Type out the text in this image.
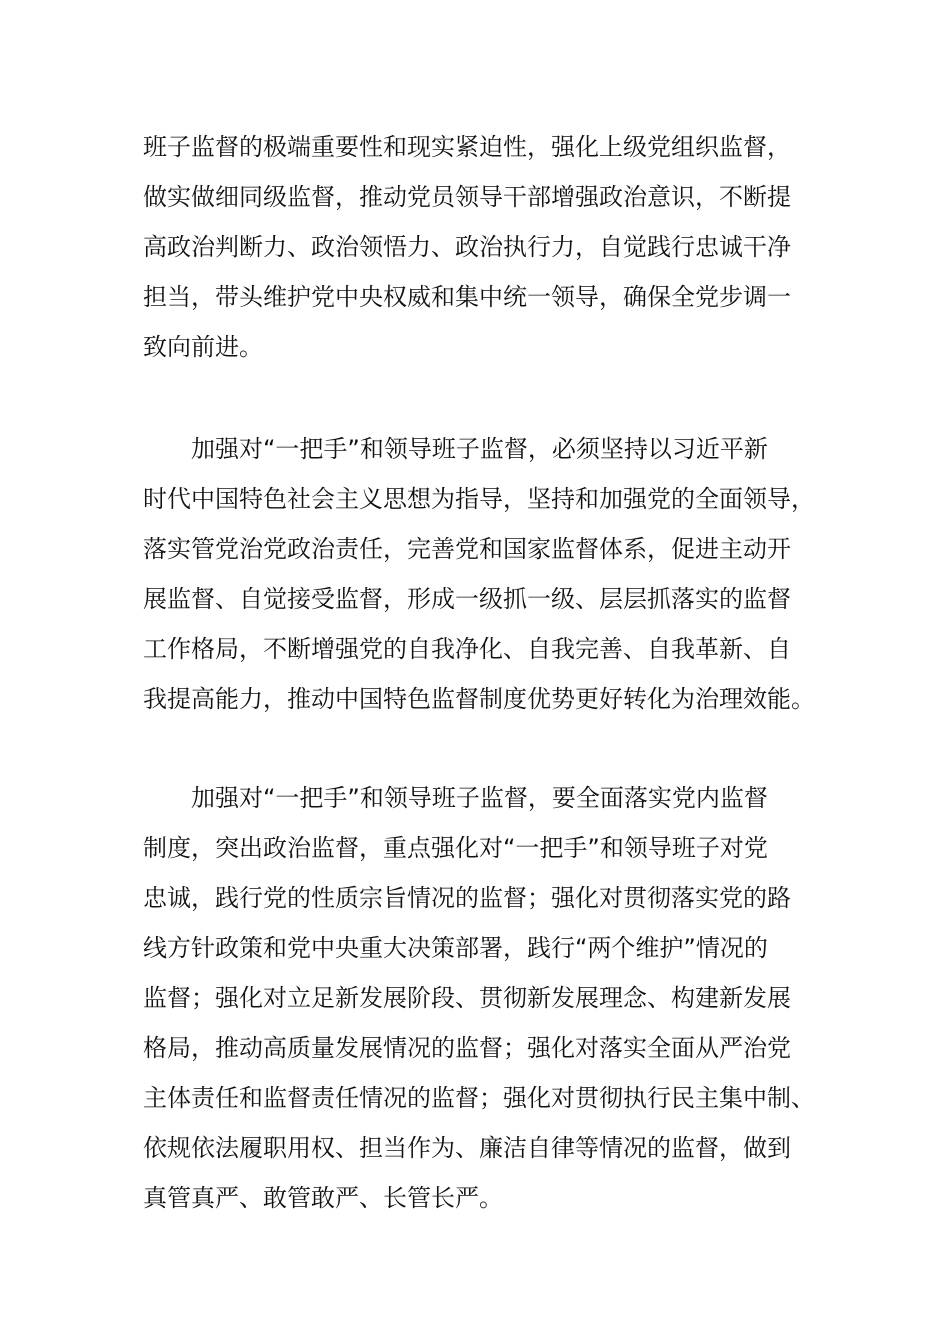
班子监督的极端重要性和现实紧迫性，强化上级党组织监督，
做实做细同级监督，推动党员领导干部增强政治意识，不断提
高政治判断力、政治领悟力、政治执行力，自觉践行忠诚干净
担当，带头维护党中央权威和集中统一领导，确保全党步调一
致向前进。
加强对“一把手”和领导班子监督，必须坚持以习近平新
时代中国特色社会主义思想为指导，坚持和加强党的全面领导，
落实管党治党政治责任，完善党和国家监督体系，促进主动开
展监督、自觉接受监督，形成一级抓一级、层层抓落实的监督
工作格局，不断增强党的自我净化、自我完善、自我革新、自
我提高能力，推动中国特色监督制度优势更好转化为治理效能。
加强对“一把手”和领导班子监督，要全面落实党内监督
制度，突出政治监督，重点强化对“一把手”和领导班子对党
忠诚，践行党的性质宗旨情况的监督；强化对贯彻落实党的路
线方针政策和党中央重大决策部署，践行“两个维护”情况的
监督；强化对立足新发展阶段、贯彻新发展理念、构建新发展
格局，推动高质量发展情况的监督；强化对落实全面从严治党
主体责任和监督责任情况的监督；强化对贯彻执行民主集中制、
依规依法履职用权、担当作为、廉洁自律等情况的监督，做到
真管真严、敢管敢严、长管长严。
